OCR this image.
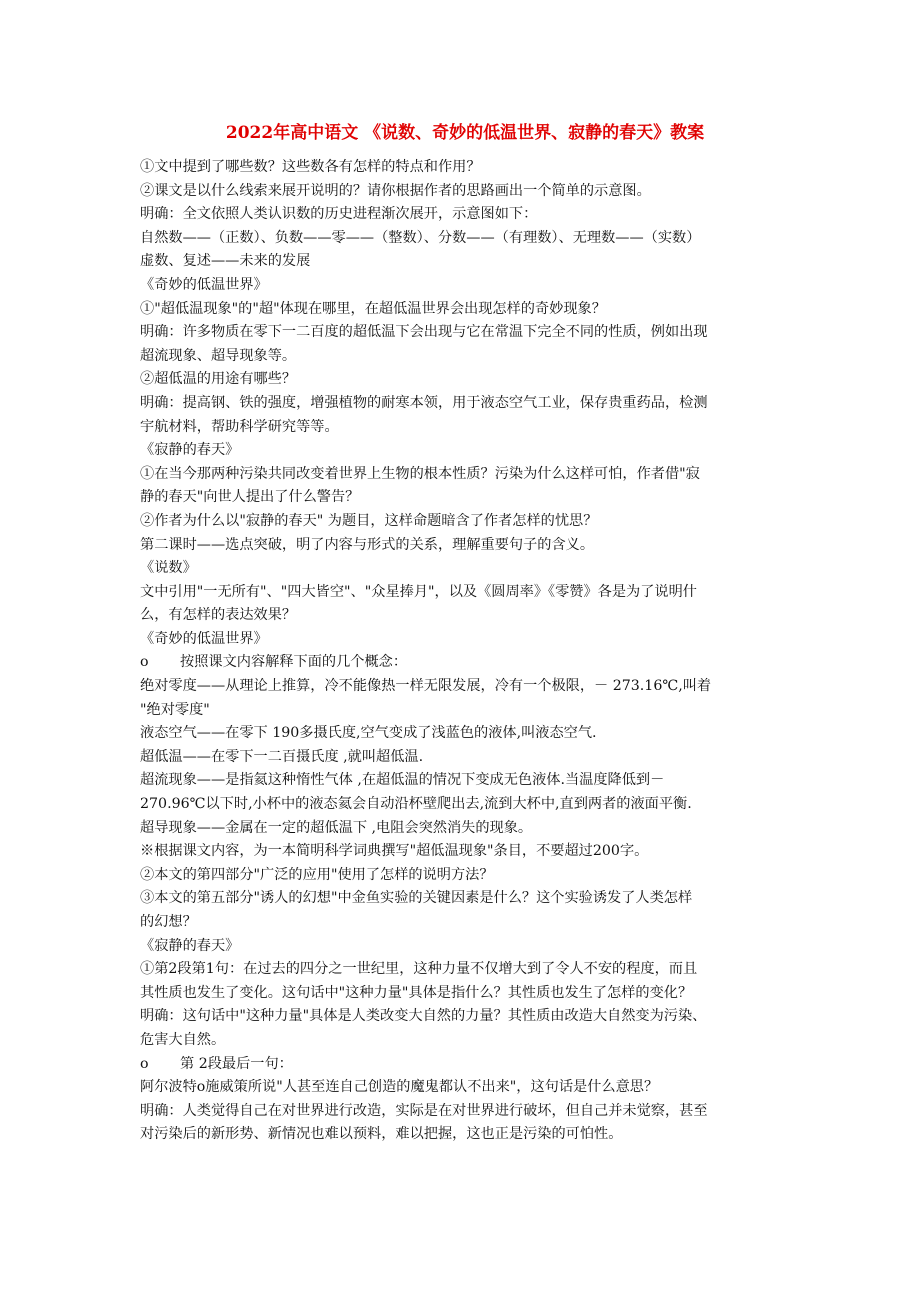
2022年高中语文 《说数、奇妙的低温世界、寂静的春天》教案

①文中提到了哪些数？这些数各有怎样的特点和作用？

②课文是以什么线索来展开说明的？请你根据作者的思路画出一个简单的示意图。

明确：全文依照人类认识数的历史进程渐次展开，示意图如下：

自然数——（正数）、负数——零——（整数）、分数——（有理数）、无理数——（实数）

虚数、复述——未来的发展

《奇妙的低温世界》

①"超低温现象"的"超"体现在哪里，在超低温世界会出现怎样的奇妙现象？

明确：许多物质在零下一二百度的超低温下会出现与它在常温下完全不同的性质，例如出现

超流现象、超导现象等。

②超低温的用途有哪些？

明确：提高钢、铁的强度，增强植物的耐寒本领，用于液态空气工业，保存贵重药品，检测

宇航材料，帮助科学研究等等。

《寂静的春天》

①在当今那两种污染共同改变着世界上生物的根本性质？污染为什么这样可怕，作者借"寂

静的春天"向世人提出了什么警告？

②作者为什么以"寂静的春天" 为题目，这样命题暗含了作者怎样的忧思？

第二课时——选点突破，明了内容与形式的关系，理解重要句子的含义。

《说数》

文中引用"一无所有"、"四大皆空"、"众星捧月"，以及《圆周率》《零赞》各是为了说明什

么，有怎样的表达效果？

《奇妙的低温世界》

o 按照课文内容解释下面的几个概念：

绝对零度——从理论上推算，冷不能像热一样无限发展，冷有一个极限，－ 273.16℃,叫着

"绝对零度"

液态空气——在零下 190多摄氏度,空气变成了浅蓝色的液体,叫液态空气.

超低温——在零下一二百摄氏度 ,就叫超低温.

超流现象——是指氦这种惰性气体 ,在超低温的情况下变成无色液体.当温度降低到－

270.96℃以下时,小杯中的液态氦会自动沿杯壁爬出去,流到大杯中,直到两者的液面平衡.

超导现象——金属在一定的超低温下 ,电阻会突然消失的现象。

※根据课文内容，为一本简明科学词典撰写"超低温现象"条目，不要超过200字。

②本文的第四部分"广泛的应用"使用了怎样的说明方法？

③本文的第五部分"诱人的幻想"中金鱼实验的关键因素是什么？这个实验诱发了人类怎样

的幻想？

《寂静的春天》

①第2段第1句：在过去的四分之一世纪里，这种力量不仅增大到了令人不安的程度，而且

其性质也发生了变化。这句话中"这种力量"具体是指什么？其性质也发生了怎样的变化？

明确：这句话中"这种力量"具体是人类改变大自然的力量？其性质由改造大自然变为污染、

危害大自然。

o 第 2段最后一句：

阿尔波特o施威策所说"人甚至连自己创造的魔鬼都认不出来"，这句话是什么意思？

明确：人类觉得自己在对世界进行改造，实际是在对世界进行破坏，但自己并未觉察，甚至

对污染后的新形势、新情况也难以预料，难以把握，这也正是污染的可怕性。
